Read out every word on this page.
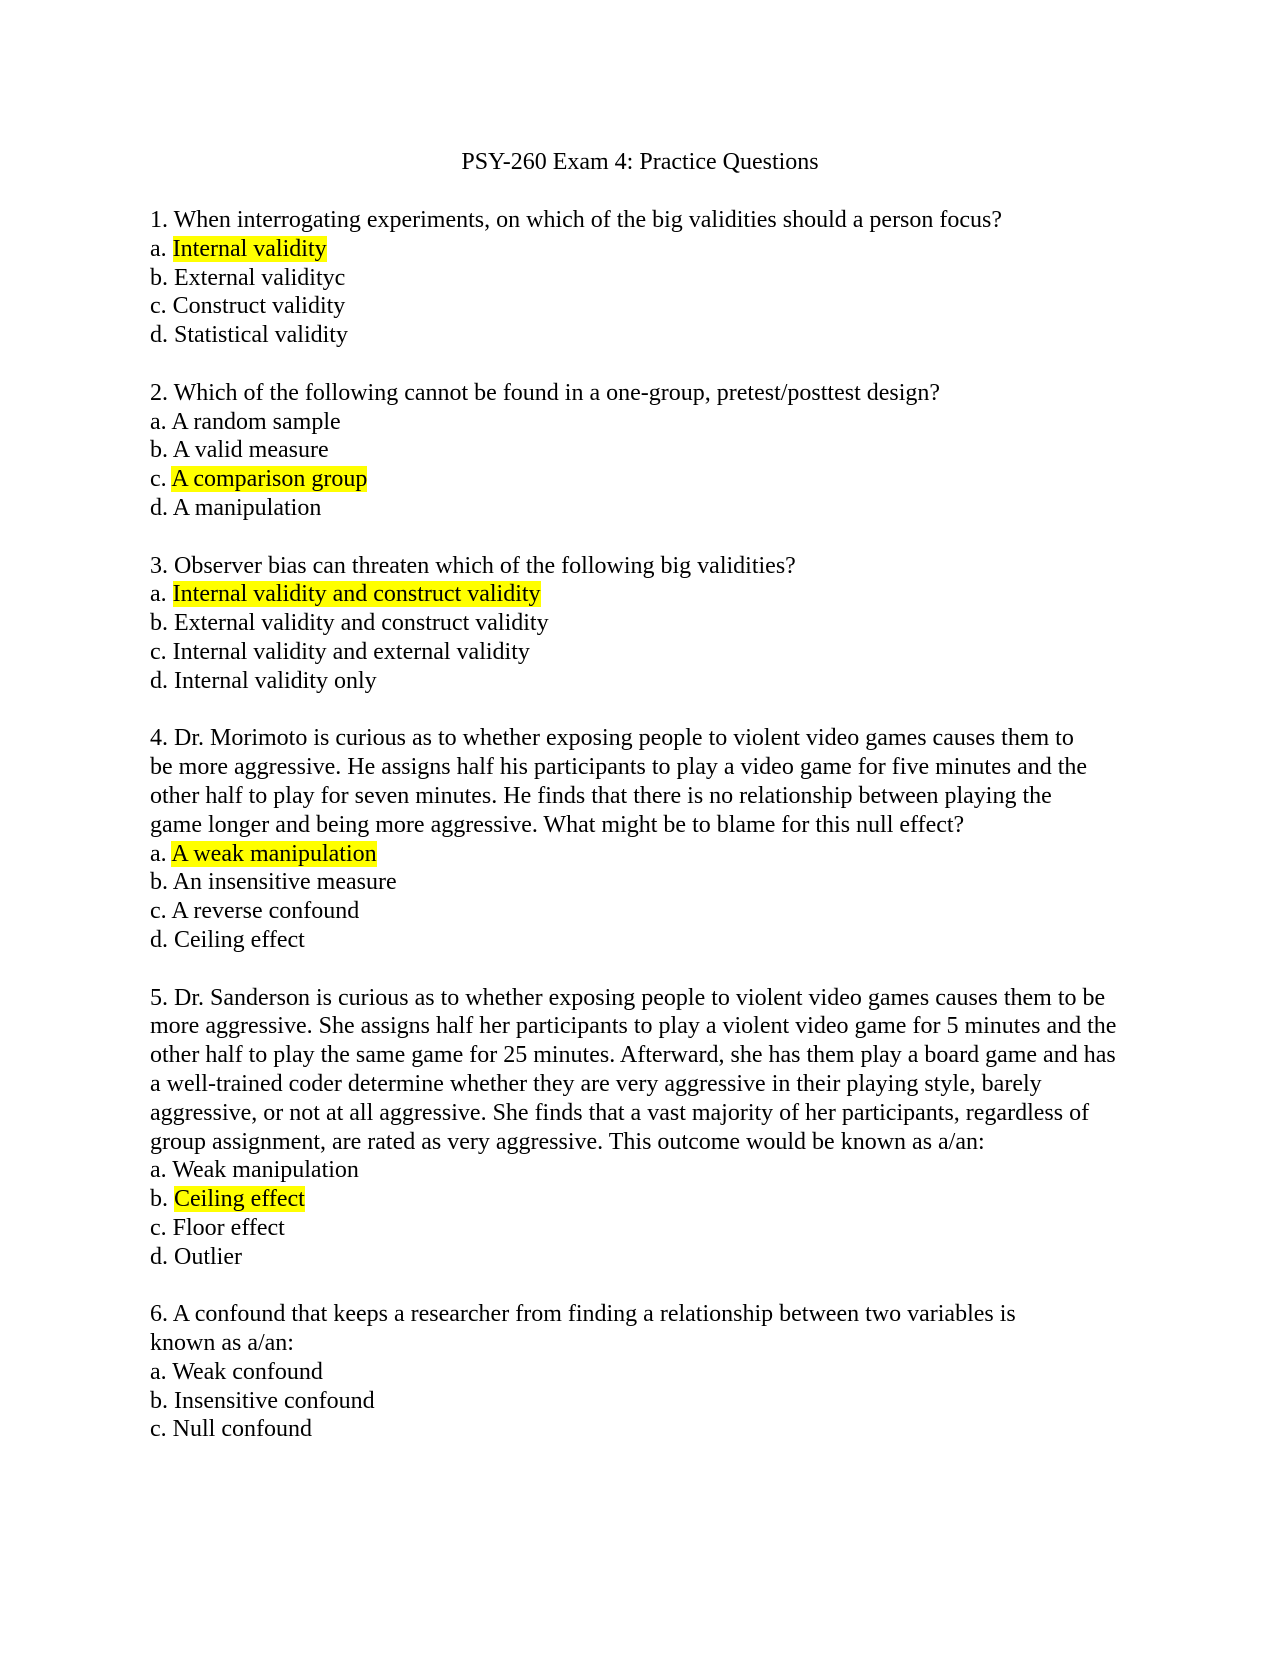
PSY-260 Exam 4: Practice Questions

1. When interrogating experiments, on which of the big validities should a person focus?

a. Internal validity
b. External validityc
c. Construct validity
d. Statistical validity

2. Which of the following cannot be found in a one-group, pretest/posttest design?

a. A random sample
b. A valid measure
c. A comparison group
d. A manipulation

3. Observer bias can threaten which of the following big validities?

a. Internal validity and construct validity
b. External validity and construct validity
c. Internal validity and external validity
d. Internal validity only

4. Dr. Morimoto is curious as to whether exposing people to violent video games causes them to be more aggressive. He assigns half his participants to play a video game for five minutes and the other half to play for seven minutes. He finds that there is no relationship between playing the game longer and being more aggressive. What might be to blame for this null effect?

a. A weak manipulation
b. An insensitive measure
c. A reverse confound
d. Ceiling effect

5. Dr. Sanderson is curious as to whether exposing people to violent video games causes them to be more aggressive. She assigns half her participants to play a violent video game for 5 minutes and the other half to play the same game for 25 minutes. Afterward, she has them play a board game and has a well-trained coder determine whether they are very aggressive in their playing style, barely aggressive, or not at all aggressive. She finds that a vast majority of her participants, regardless of group assignment, are rated as very aggressive. This outcome would be known as a/an:

a. Weak manipulation
b. Ceiling effect
c. Floor effect
d. Outlier

6. A confound that keeps a researcher from finding a relationship between two variables is known as a/an:

a. Weak confound
b. Insensitive confound
c. Null confound
